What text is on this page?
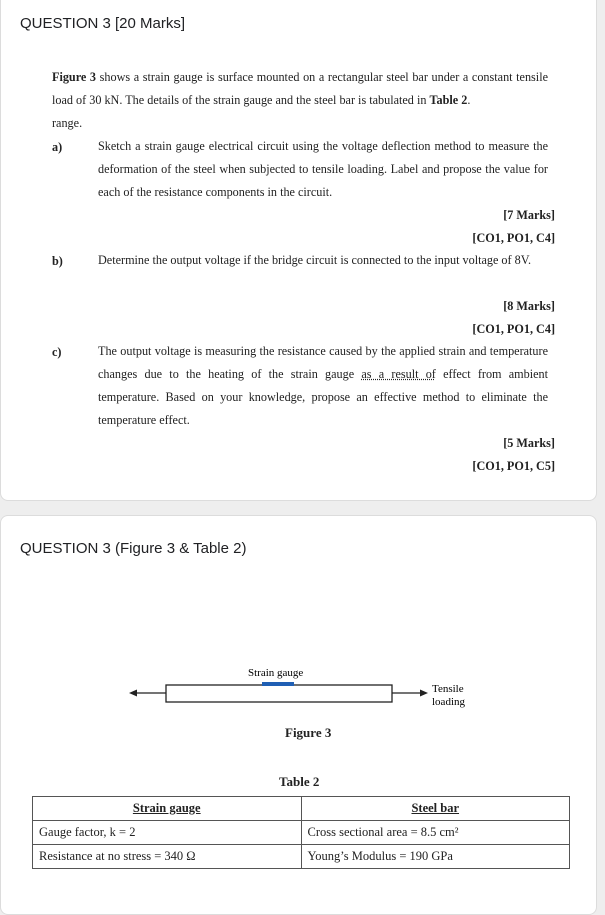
QUESTION 3 [20 Marks]
Figure 3 shows a strain gauge is surface mounted on a rectangular steel bar under a constant tensile load of 30 kN. The details of the strain gauge and the steel bar is tabulated in Table 2.
range.
a)	Sketch a strain gauge electrical circuit using the voltage deflection method to measure the deformation of the steel when subjected to tensile loading. Label and propose the value for each of the resistance components in the circuit.
[7 Marks]
[CO1, PO1, C4]
b)	Determine the output voltage if the bridge circuit is connected to the input voltage of 8V.
[8 Marks]
[CO1, PO1, C4]
c)	The output voltage is measuring the resistance caused by the applied strain and temperature changes due to the heating of the strain gauge as a result of effect from ambient temperature. Based on your knowledge, propose an effective method to eliminate the temperature effect.
[5 Marks]
[CO1, PO1, C5]
QUESTION 3 (Figure 3 & Table 2)
Strain gauge
Tensile
loading
Figure 3
Table 2
Strain gauge	Steel bar
Gauge factor, k = 2	Cross sectional area = 8.5 cm²
Resistance at no stress = 340 Ω	Young’s Modulus = 190 GPa
